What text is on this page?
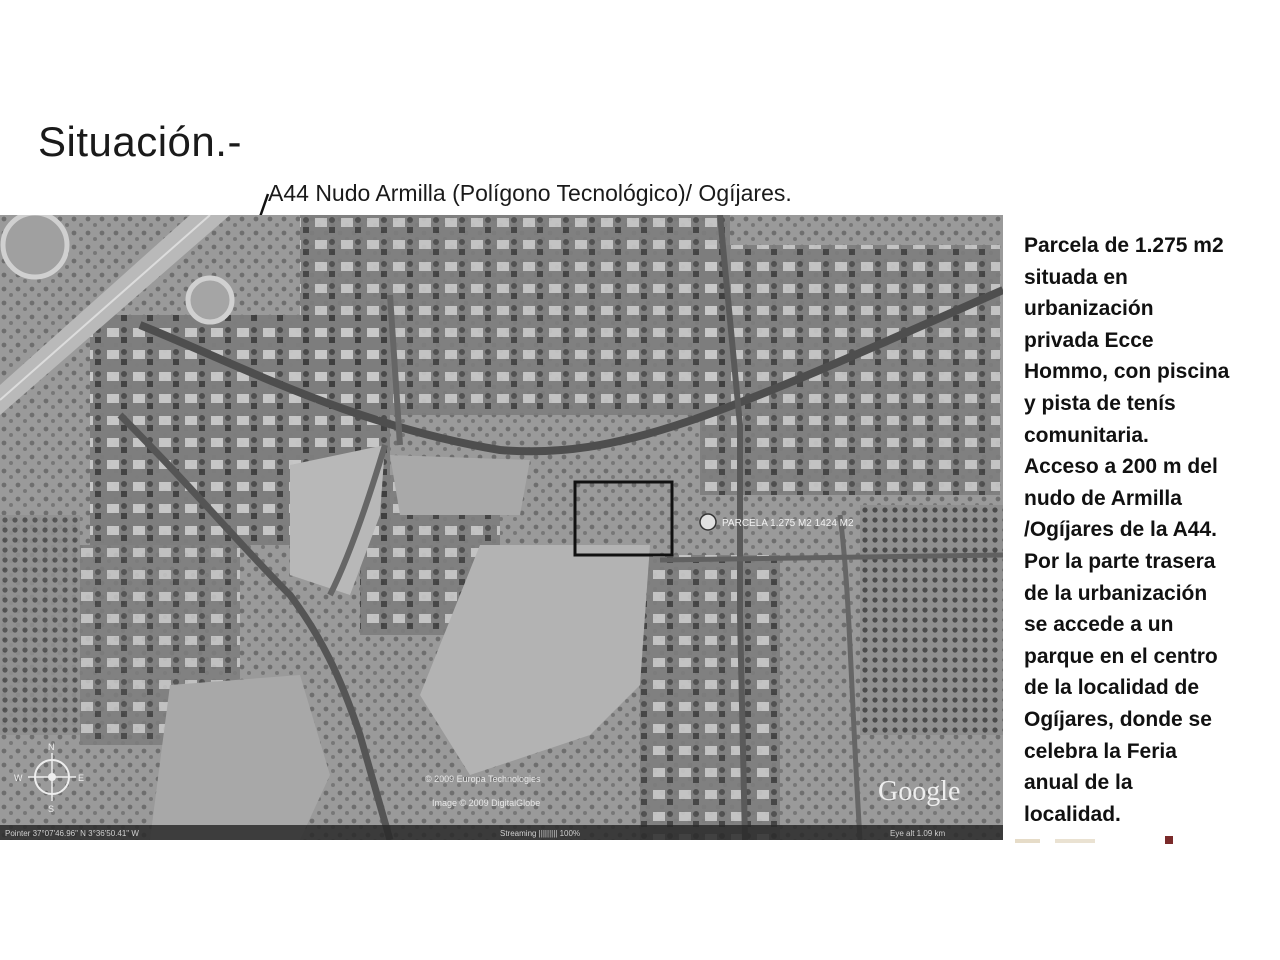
Situación.-
A44 Nudo Armilla (Polígono Tecnológico)/ Ogíjares.
PARCELA 1.275 M2 1424 M2
© 2009 Europa Technologies
Image © 2009 DigitalGlobe	Google
N
S
E
W
Pointer 37°07'46.96" N 3°36'50.41" W	Streaming ||||||||| 100%	Eye alt 1.09 km
Parcela de 1.275 m2
situada en
urbanización
privada Ecce
Hommo, con piscina
y pista de tenís
comunitaria.
Acceso a 200 m del
nudo de Armilla
/Ogíjares de la A44.
Por la parte trasera
de la urbanización
se accede a un
parque en el centro
de la localidad de
Ogíjares, donde se
celebra la Feria
anual de la
localidad.
